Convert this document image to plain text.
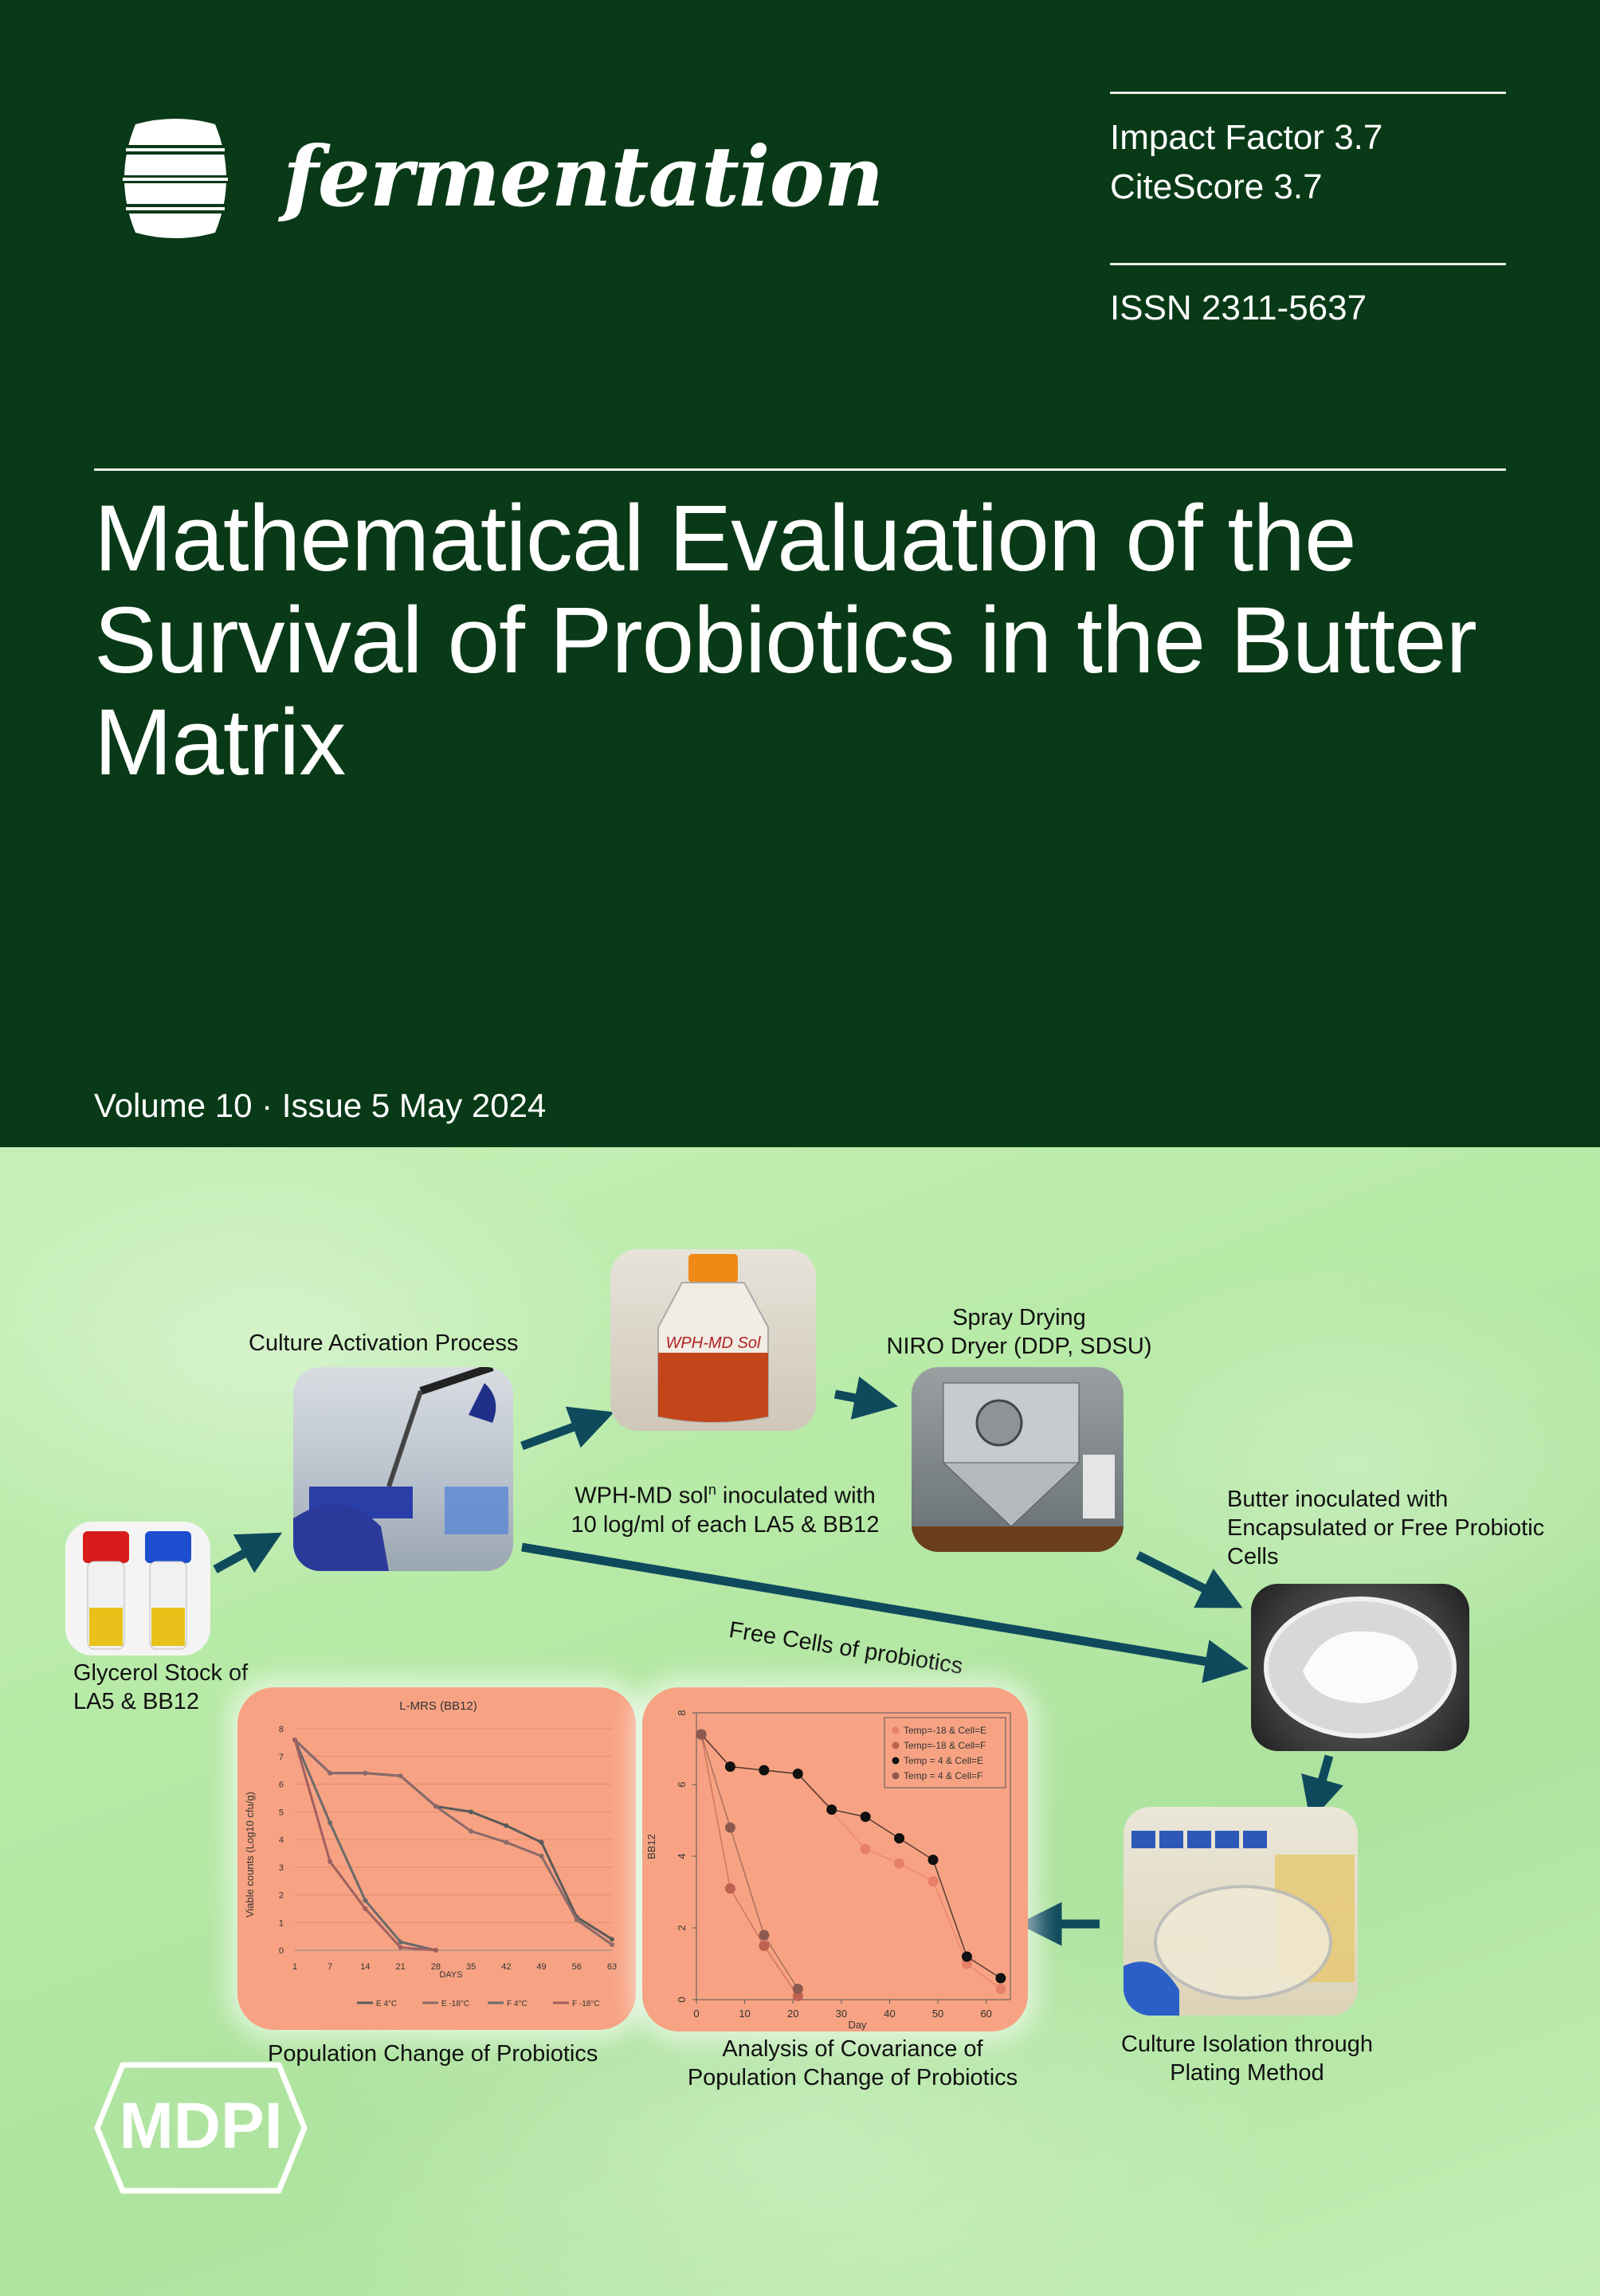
fermentation	Impact Factor 3.7
CiteScore 3.7
ISSN 2311-5637
Mathematical Evaluation of the Survival of Probiotics in the Butter Matrix
Volume 10 · Issue 5 May 2024
Glycerol Stock of
LA5 & BB12
Culture Activation Process	WPH-MD Sol
WPH-MD sol$^n$ inoculated with
10 log/ml of each LA5 & BB12
Spray Drying
NIRO Dryer (DDP, SDSU)
Butter inoculated with
Encapsulated or Free Probiotic
Cells
Free Cells of probiotics
L-MRS (BB12)
Viable counts (Log10 cfu/g)
DAYS
0
1
2
3
4
5
6
7
8
1	7	14	21	28	35	42	49	56	63
E 4°C	E -18°C	F 4°C	F -18°C
Population Change of Probiotics
BB12
Day
0
2
4
6
8
0	10	20	30	40	50	60
Temp=-18 & Cell=E
Temp=-18 & Cell=F
Temp = 4 & Cell=E
Temp = 4 & Cell=F
Analysis of Covariance of
Population Change of Probiotics
Culture Isolation through
Plating Method
MDPI
